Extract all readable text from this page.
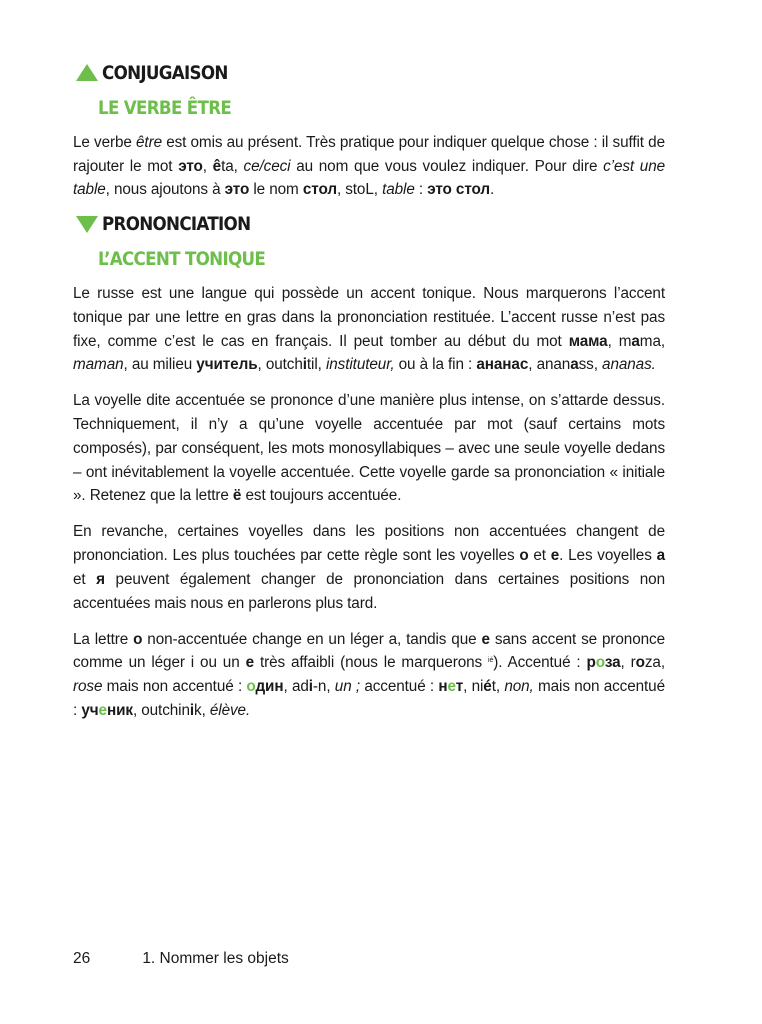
CONJUGAISON
LE VERBE ÊTRE

Le verbe être est omis au présent. Très pratique pour indiquer quelque chose : il suffit de rajouter le mot это, êta, ce/ceci au nom que vous voulez indiquer. Pour dire c’est une table, nous ajoutons à это le nom стол, stoL, table : это стол.

PRONONCIATION
L’ACCENT TONIQUE

Le russe est une langue qui possède un accent tonique. Nous marquerons l’accent tonique par une lettre en gras dans la prononciation restituée. L’accent russe n’est pas fixe, comme c’est le cas en français. Il peut tomber au début du mot мама, mama, maman, au milieu учитель, outchitil, instituteur, ou à la fin : ананас, ananass, ananas.

La voyelle dite accentuée se prononce d’une manière plus intense, on s’attarde dessus. Techniquement, il n’y a qu’une voyelle accentuée par mot (sauf certains mots composés), par conséquent, les mots monosyllabiques – avec une seule voyelle dedans – ont inévitablement la voyelle accentuée. Cette voyelle garde sa prononciation « initiale ». Retenez que la lettre ё est toujours accentuée.

En revanche, certaines voyelles dans les positions non accentuées changent de prononciation. Les plus touchées par cette règle sont les voyelles о et е. Les voyelles а et я peuvent également changer de prononciation dans certaines positions non accentuées mais nous en parlerons plus tard.

La lettre о non-accentuée change en un léger a, tandis que е sans accent se prononce comme un léger i ou un е très affaibli (nous le marquerons $^{ié}$). Accentué : роза, roza, rose mais non accentué : один, adi-n, un ; accentué : нет, niét, non, mais non accentué : ученик, outchinik, élève.

26	1. Nommer les objets
